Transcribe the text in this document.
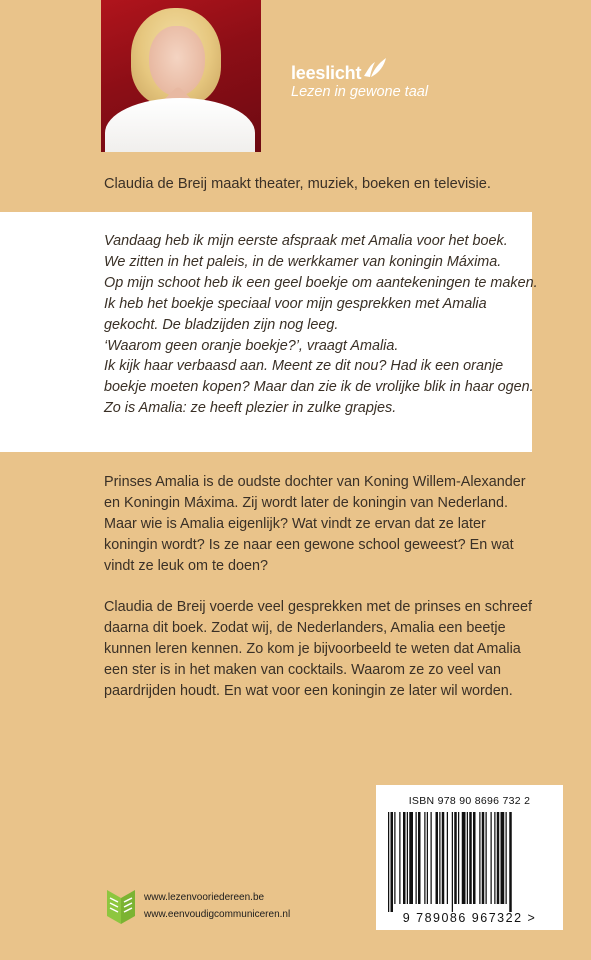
leeslicht
Lezen in gewone taal

Claudia de Breij maakt theater, muziek, boeken en televisie.

Vandaag heb ik mijn eerste afspraak met Amalia voor het boek.
We zitten in het paleis, in de werkkamer van koningin Máxima.
Op mijn schoot heb ik een geel boekje om aantekeningen te maken.
Ik heb het boekje speciaal voor mijn gesprekken met Amalia
gekocht. De bladzijden zijn nog leeg.
‘Waarom geen oranje boekje?’, vraagt Amalia.
Ik kijk haar verbaasd aan. Meent ze dit nou? Had ik een oranje
boekje moeten kopen? Maar dan zie ik de vrolijke blik in haar ogen.
Zo is Amalia: ze heeft plezier in zulke grapjes.

Prinses Amalia is de oudste dochter van Koning Willem-Alexander
en Koningin Máxima. Zij wordt later de koningin van Nederland.
Maar wie is Amalia eigenlijk? Wat vindt ze ervan dat ze later
koningin wordt? Is ze naar een gewone school geweest? En wat
vindt ze leuk om te doen?

Claudia de Breij voerde veel gesprekken met de prinses en schreef
daarna dit boek. Zodat wij, de Nederlanders, Amalia een beetje
kunnen leren kennen. Zo kom je bijvoorbeeld te weten dat Amalia
een ster is in het maken van cocktails. Waarom ze zo veel van
paardrijden houdt. En wat voor een koningin ze later wil worden.

ISBN 978 90 8696 732 2
9 789086 967322 >
www.lezenvooriedereen.be
www.eenvoudigcommuniceren.nl
